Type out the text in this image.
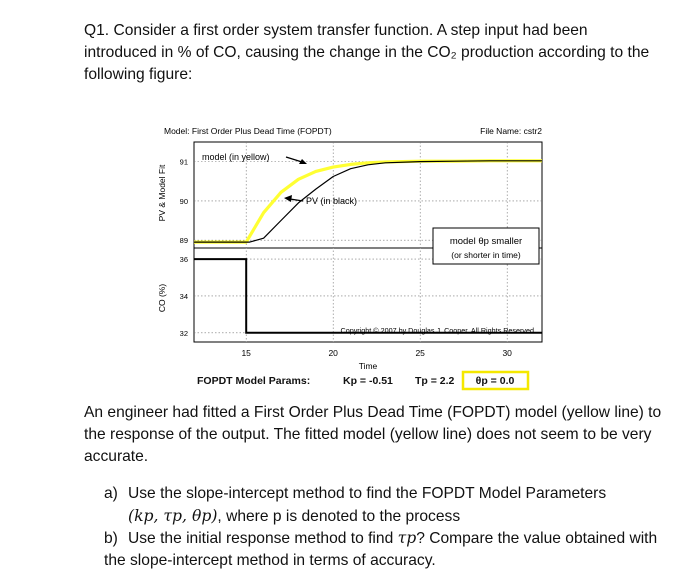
Q1. Consider a first order system transfer function. A step input had been introduced in % of CO, causing the change in the CO₂ production according to the following figure:
Model: First Order Plus Dead Time (FOPDT)	File Name: cstr2
15	20	25	30
89
90
91
32
34
36
PV & Model Fit
CO (%)
model (in yellow)
PV (in black)
model θp smaller
(or shorter in time)
Copyright © 2007 by Douglas J. Cooper. All Rights Reserved.
Time
FOPDT Model Params:	Kp = -0.51 Tp = 2.2 θp = 0.0
An engineer had fitted a First Order Plus Dead Time (FOPDT) model (yellow line) to the response of the output. The fitted model (yellow line) does not seem to be very accurate.
a) Use the slope-intercept method to find the FOPDT Model Parameters
(kp, τp, θp), where p is denoted to the process
b) Use the initial response method to find τp? Compare the value obtained with the slope-intercept method in terms of accuracy.
